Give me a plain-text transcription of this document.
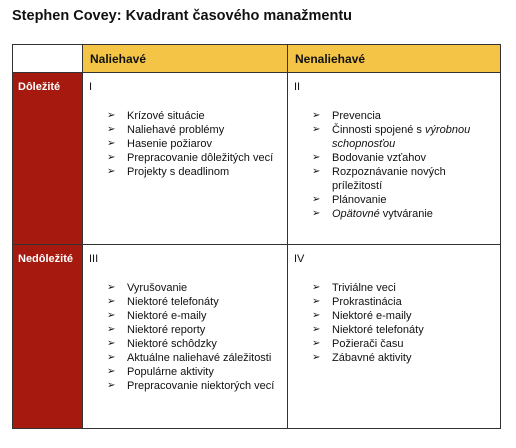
Stephen Covey: Kvadrant časového manažmentu
Naliehavé	Nenaliehavé
Dôležité
Nedôležité
I
➢ Krízové situácie
➢ Naliehavé problémy
➢ Hasenie požiarov
➢ Prepracovanie dôležitých vecí
➢ Projekty s deadlinom
II
➢ Prevencia
➢ Činnosti spojené s výrobnou schopnosťou
➢ Bodovanie vzťahov
➢ Rozpoznávanie nových príležitostí
➢ Plánovanie
➢ Opätovné vytváranie
III
➢ Vyrušovanie
➢ Niektoré telefonáty
➢ Niektoré e-maily
➢ Niektoré reporty
➢ Niektoré schôdzky
➢ Aktuálne naliehavé záležitosti
➢ Populárne aktivity
➢ Prepracovanie niektorých vecí
IV
➢ Triviálne veci
➢ Prokrastinácia
➢ Niektoré e-maily
➢ Niektoré telefonáty
➢ Požierači času
➢ Zábavné aktivity
